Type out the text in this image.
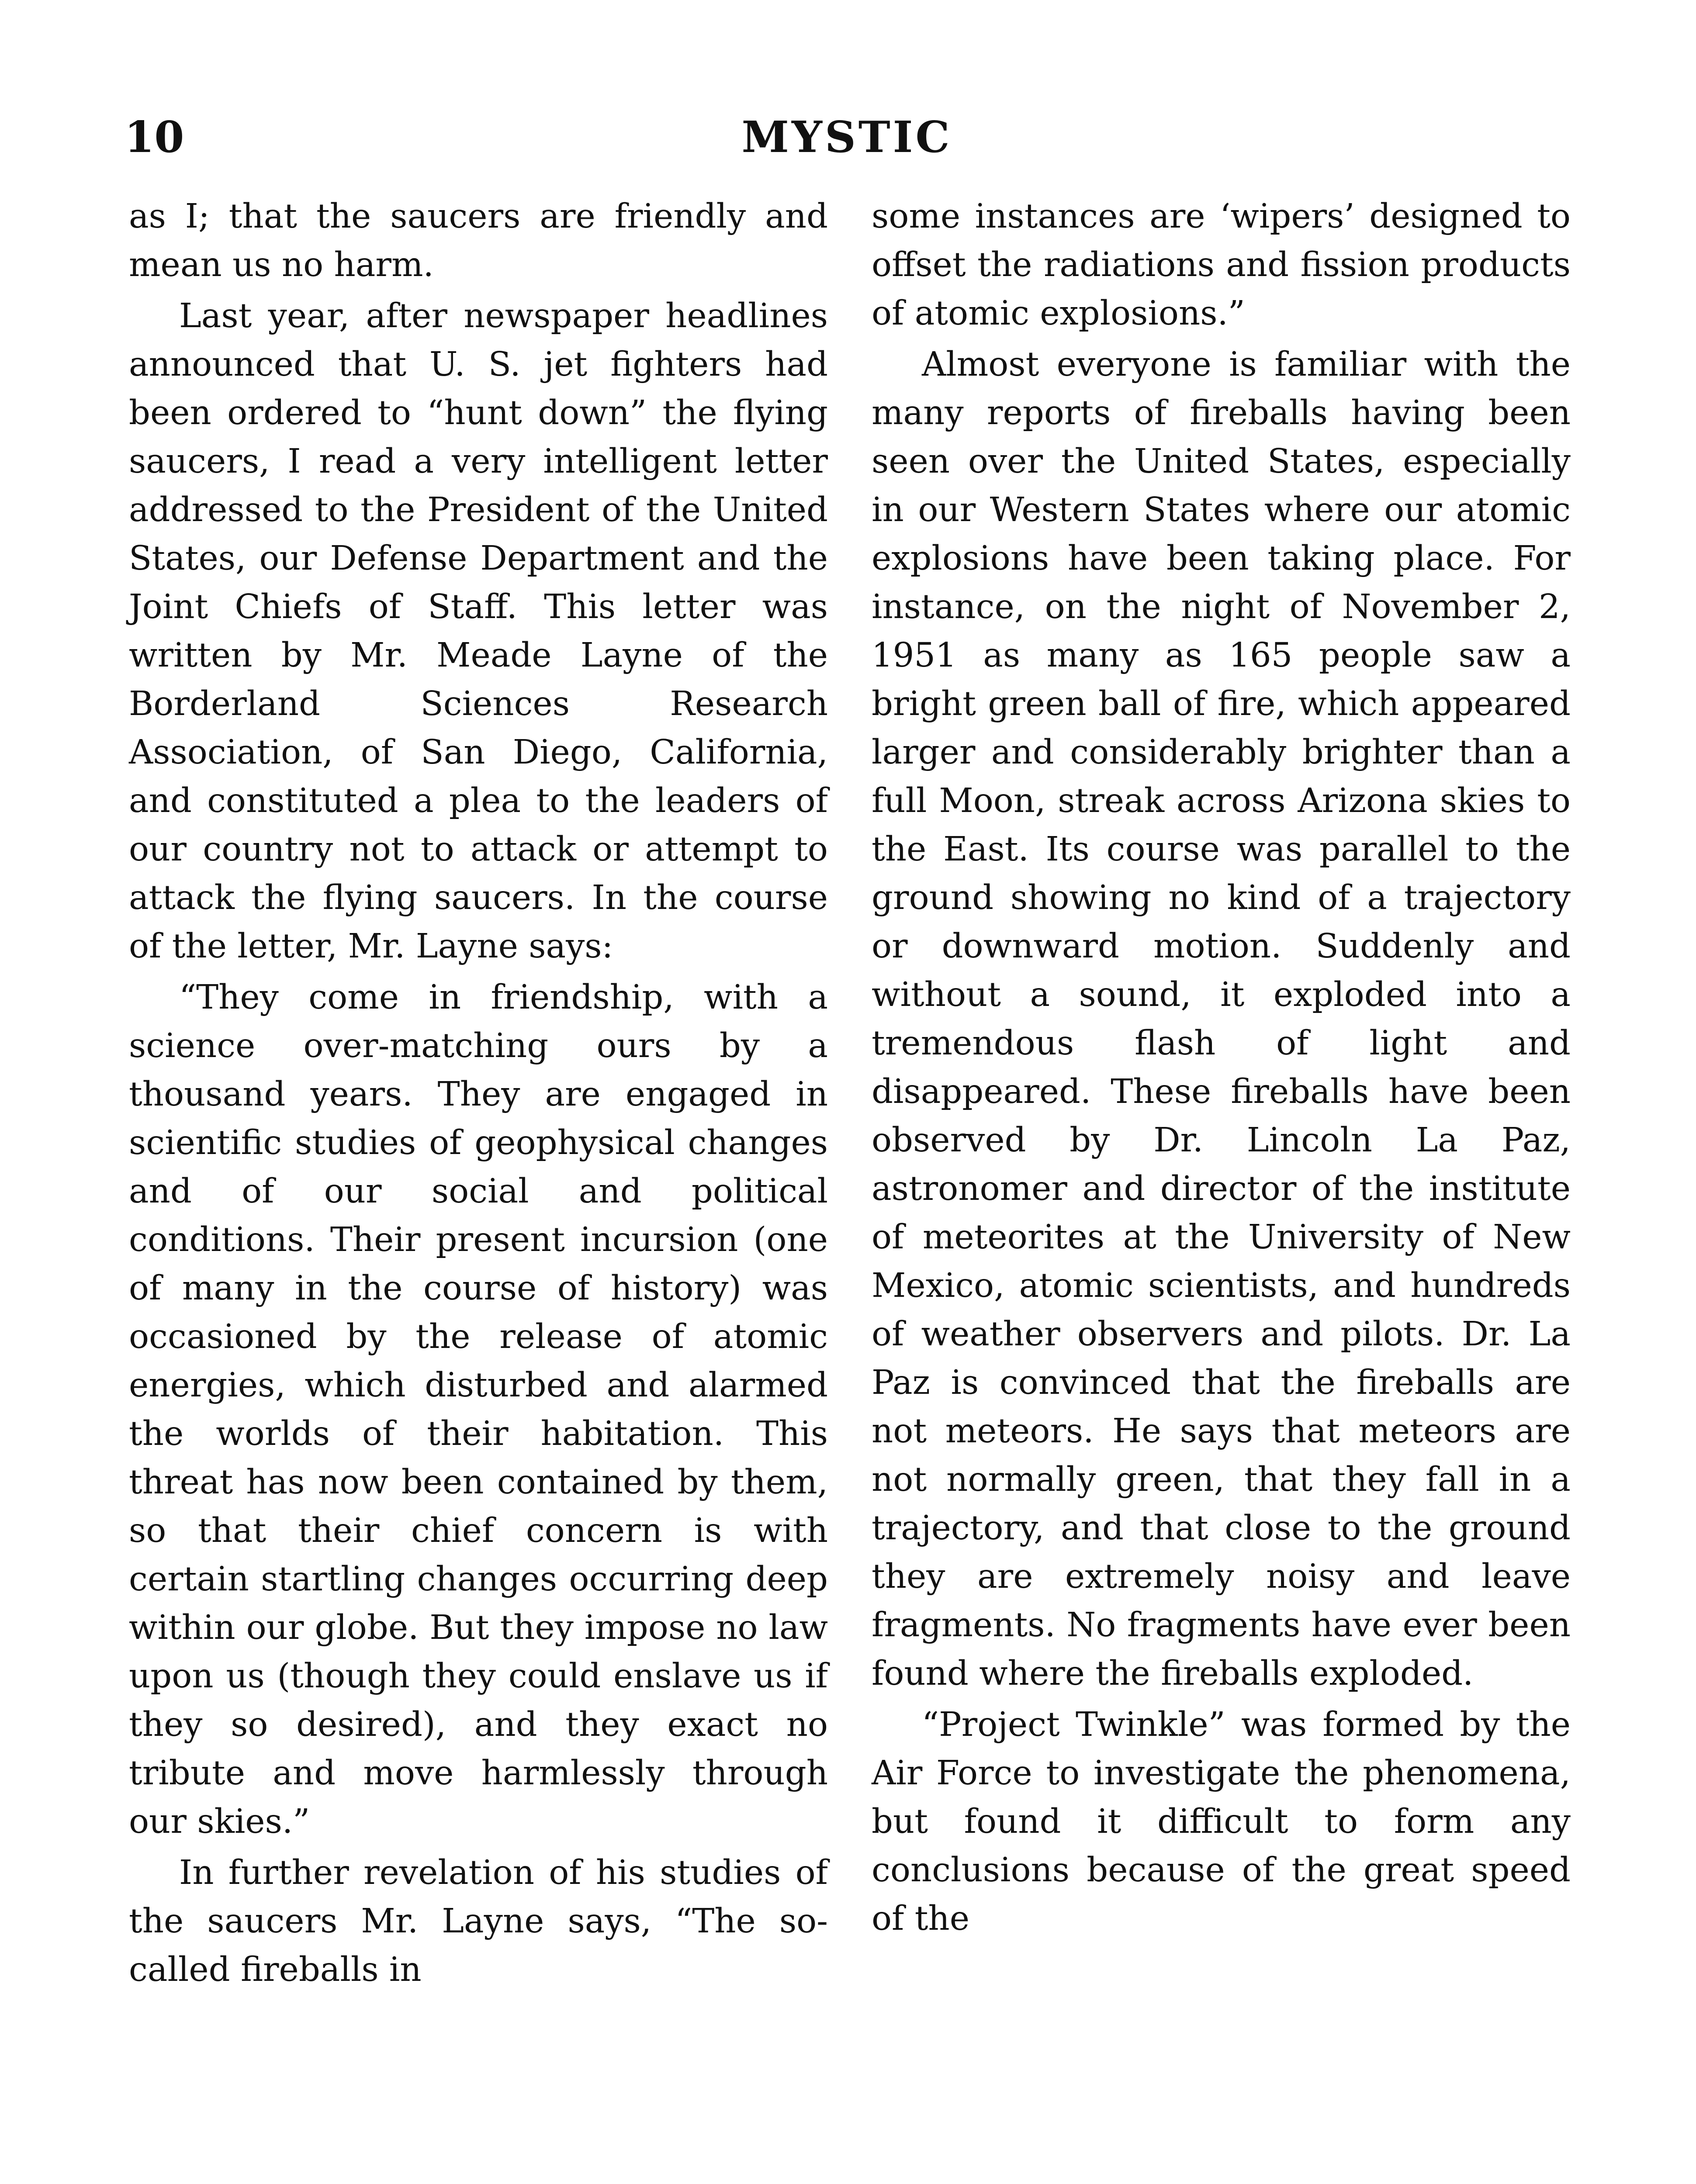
10	MYSTIC

as I; that the saucers are friendly and mean us no harm.

Last year, after newspaper headlines announced that U. S. jet fighters had been ordered to “hunt down” the flying saucers, I read a very intelligent letter addressed to the President of the United States, our Defense Department and the Joint Chiefs of Staff. This letter was written by Mr. Meade Layne of the Borderland Sciences Research Association, of San Diego, California, and constituted a plea to the leaders of our country not to attack or attempt to attack the flying saucers. In the course of the letter, Mr. Layne says:

“They come in friendship, with a science over-matching ours by a thousand years. They are engaged in scientific studies of geophysical changes and of our social and political conditions. Their present incursion (one of many in the course of history) was occasioned by the release of atomic energies, which disturbed and alarmed the worlds of their habitation. This threat has now been contained by them, so that their chief concern is with certain startling changes occurring deep within our globe. But they impose no law upon us (though they could enslave us if they so desired), and they exact no tribute and move harmlessly through our skies.”

In further revelation of his studies of the saucers Mr. Layne says, “The so-called fireballs in

some instances are ‘wipers’ designed to offset the radiations and fission products of atomic explosions.”

Almost everyone is familiar with the many reports of fireballs having been seen over the United States, especially in our Western States where our atomic explosions have been taking place. For instance, on the night of November 2, 1951 as many as 165 people saw a bright green ball of fire, which appeared larger and considerably brighter than a full Moon, streak across Arizona skies to the East. Its course was parallel to the ground showing no kind of a trajectory or downward motion. Suddenly and without a sound, it exploded into a tremendous flash of light and disappeared. These fireballs have been observed by Dr. Lincoln La Paz, astronomer and director of the institute of meteorites at the University of New Mexico, atomic scientists, and hundreds of weather observers and pilots. Dr. La Paz is convinced that the fireballs are not meteors. He says that meteors are not normally green, that they fall in a trajectory, and that close to the ground they are extremely noisy and leave fragments. No fragments have ever been found where the fireballs exploded.

“Project Twinkle” was formed by the Air Force to investigate the phenomena, but found it difficult to form any conclusions because of the great speed of the
